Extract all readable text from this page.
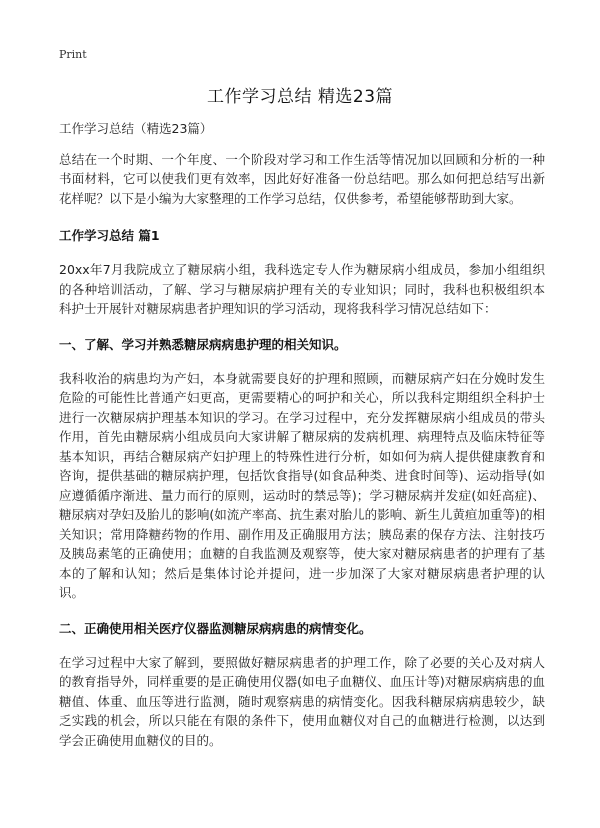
Print
工作学习总结 精选23篇

工作学习总结（精选23篇）

总结在一个时期、一个年度、一个阶段对学习和工作生活等情况加以回顾和分析的一种书面材料，它可以使我们更有效率，因此好好准备一份总结吧。那么如何把总结写出新花样呢？以下是小编为大家整理的工作学习总结，仅供参考，希望能够帮助到大家。

工作学习总结 篇1

20xx年7月我院成立了糖尿病小组，我科选定专人作为糖尿病小组成员，参加小组组织的各种培训活动，了解、学习与糖尿病护理有关的专业知识；同时，我科也积极组织本科护士开展针对糖尿病患者护理知识的学习活动，现将我科学习情况总结如下：

一、了解、学习并熟悉糖尿病病患护理的相关知识。

我科收治的病患均为产妇，本身就需要良好的护理和照顾，而糖尿病产妇在分娩时发生危险的可能性比普通产妇更高，更需要精心的呵护和关心，所以我科定期组织全科护士进行一次糖尿病护理基本知识的学习。在学习过程中，充分发挥糖尿病小组成员的带头作用，首先由糖尿病小组成员向大家讲解了糖尿病的发病机理、病理特点及临床特征等基本知识，再结合糖尿病产妇护理上的特殊性进行分析，如如何为病人提供健康教育和咨询，提供基础的糖尿病护理，包括饮食指导(如食品种类、进食时间等)、运动指导(如应遵循循序渐进、量力而行的原则，运动时的禁忌等)；学习糖尿病并发症(如妊高症)、糖尿病对孕妇及胎儿的影响(如流产率高、抗生素对胎儿的影响、新生儿黄疸加重等)的相关知识；常用降糖药物的作用、副作用及正确服用方法；胰岛素的保存方法、注射技巧及胰岛素笔的正确使用；血糖的自我监测及观察等，使大家对糖尿病患者的护理有了基本的了解和认知；然后是集体讨论并提问，进一步加深了大家对糖尿病患者护理的认识。

二、正确使用相关医疗仪器监测糖尿病病患的病情变化。

在学习过程中大家了解到，要照做好糖尿病患者的护理工作，除了必要的关心及对病人的教育指导外，同样重要的是正确使用仪器(如电子血糖仪、血压计等)对糖尿病病患的血糖值、体重、血压等进行监测，随时观察病患的病情变化。因我科糖尿病病患较少，缺乏实践的机会，所以只能在有限的条件下，使用血糖仪对自己的血糖进行检测，以达到学会正确使用血糖仪的目的。
